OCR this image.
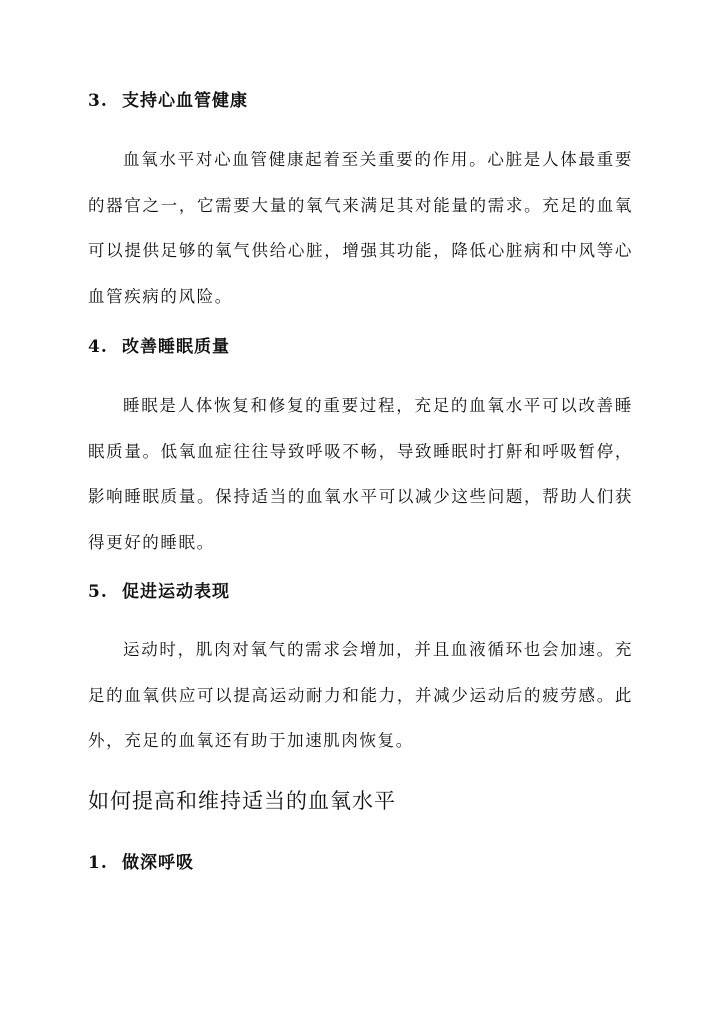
3. 支持心血管健康
血氧水平对心血管健康起着至关重要的作用。心脏是人体最重要的器官之一，它需要大量的氧气来满足其对能量的需求。充足的血氧可以提供足够的氧气供给心脏，增强其功能，降低心脏病和中风等心血管疾病的风险。
4. 改善睡眠质量
睡眠是人体恢复和修复的重要过程，充足的血氧水平可以改善睡眠质量。低氧血症往往导致呼吸不畅，导致睡眠时打鼾和呼吸暂停，影响睡眠质量。保持适当的血氧水平可以减少这些问题，帮助人们获得更好的睡眠。
5. 促进运动表现
运动时，肌肉对氧气的需求会增加，并且血液循环也会加速。充足的血氧供应可以提高运动耐力和能力，并减少运动后的疲劳感。此外，充足的血氧还有助于加速肌肉恢复。
如何提高和维持适当的血氧水平
1. 做深呼吸
